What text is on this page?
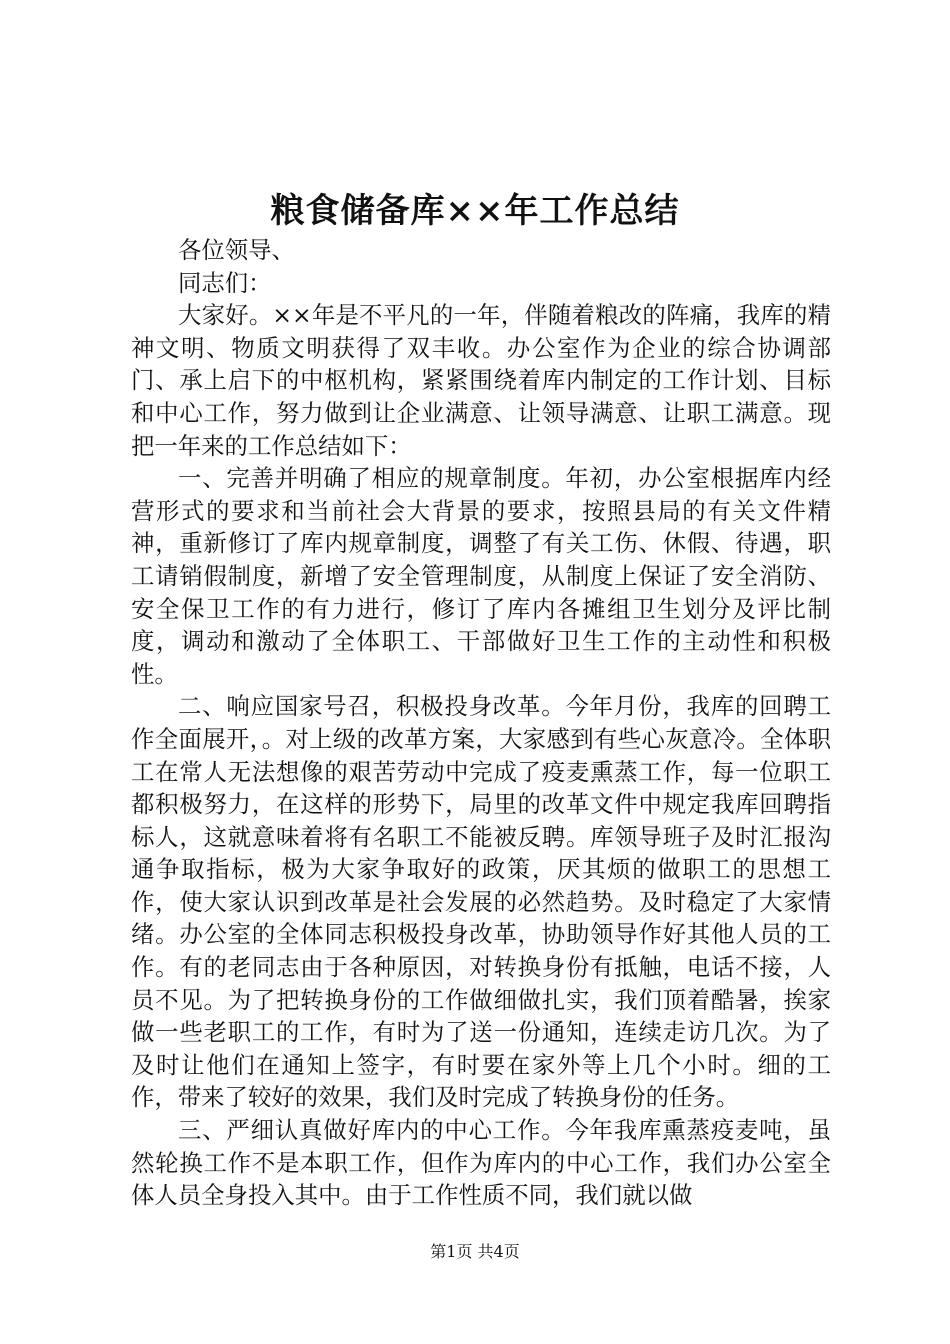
粮食储备库××年工作总结

各位领导、

同志们：

大家好。××年是不平凡的一年，伴随着粮改的阵痛，我库的精神文明、物质文明获得了双丰收。办公室作为企业的综合协调部门、承上启下的中枢机构，紧紧围绕着库内制定的工作计划、目标和中心工作，努力做到让企业满意、让领导满意、让职工满意。现把一年来的工作总结如下：

一、完善并明确了相应的规章制度。年初，办公室根据库内经营形式的要求和当前社会大背景的要求，按照县局的有关文件精神，重新修订了库内规章制度，调整了有关工伤、休假、待遇，职工请销假制度，新增了安全管理制度，从制度上保证了安全消防、安全保卫工作的有力进行，修订了库内各摊组卫生划分及评比制度，调动和激动了全体职工、干部做好卫生工作的主动性和积极性。

二、响应国家号召，积极投身改革。今年月份，我库的回聘工作全面展开，。对上级的改革方案，大家感到有些心灰意冷。全体职工在常人无法想像的艰苦劳动中完成了疫麦熏蒸工作，每一位职工都积极努力，在这样的形势下，局里的改革文件中规定我库回聘指标人，这就意味着将有名职工不能被反聘。库领导班子及时汇报沟通争取指标，极为大家争取好的政策，厌其烦的做职工的思想工作，使大家认识到改革是社会发展的必然趋势。及时稳定了大家情绪。办公室的全体同志积极投身改革，协助领导作好其他人员的工作。有的老同志由于各种原因，对转换身份有抵触，电话不接，人员不见。为了把转换身份的工作做细做扎实，我们顶着酷暑，挨家做一些老职工的工作，有时为了送一份通知，连续走访几次。为了及时让他们在通知上签字，有时要在家外等上几个小时。细的工作，带来了较好的效果，我们及时完成了转换身份的任务。

三、严细认真做好库内的中心工作。今年我库熏蒸疫麦吨，虽然轮换工作不是本职工作，但作为库内的中心工作，我们办公室全体人员全身投入其中。由于工作性质不同，我们就以做

第1页 共4页
